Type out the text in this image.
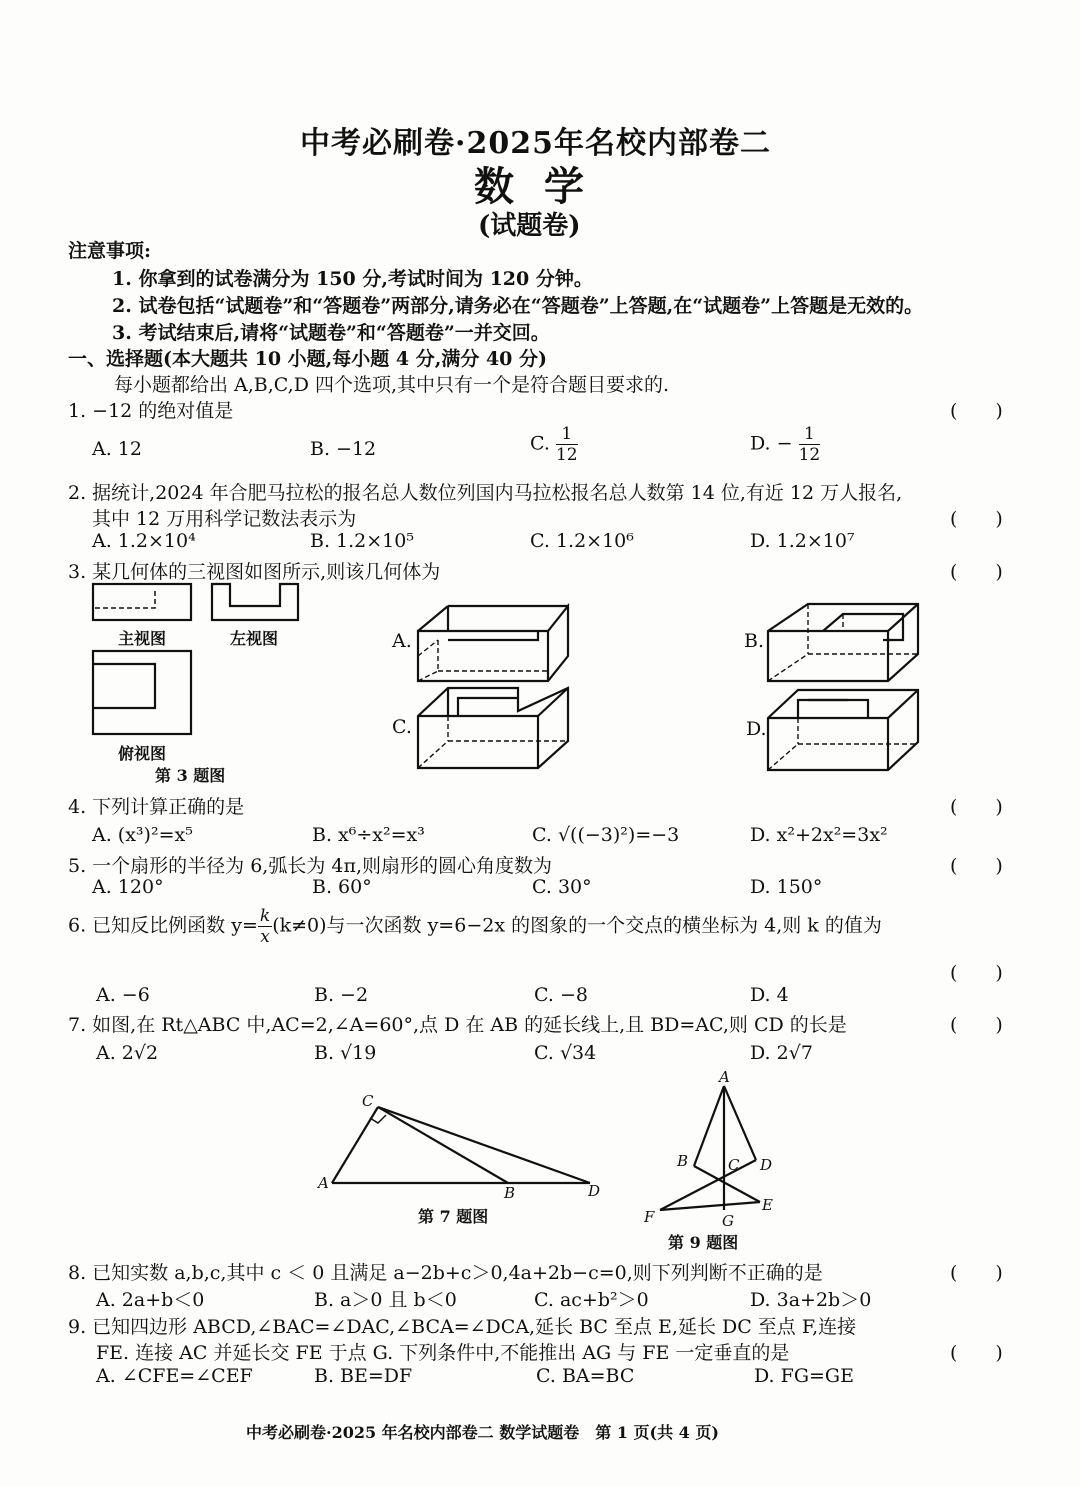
中考必刷卷·2025年名校内部卷二
数学
(试题卷)
注意事项:
1. 你拿到的试卷满分为 150 分,考试时间为 120 分钟。
2. 试卷包括“试题卷”和“答题卷”两部分,请务必在“答题卷”上答题,在“试题卷”上答题是无效的。
3. 考试结束后,请将“试题卷”和“答题卷”一并交回。
一、选择题(本大题共 10 小题,每小题 4 分,满分 40 分)
每小题都给出 A,B,C,D 四个选项,其中只有一个是符合题目要求的.
1. −12 的绝对值是	(　　)
A. 12	B. −12	C. $\frac{1}{12}$	D. − $\frac{1}{12}$
2. 据统计,2024 年合肥马拉松的报名总人数位列国内马拉松报名总人数第 14 位,有近 12 万人报名,
其中 12 万用科学记数法表示为	(　　)
A. 1.2×10⁴	B. 1.2×10⁵	C. 1.2×10⁶	D. 1.2×10⁷
3. 某几何体的三视图如图所示,则该几何体为	(　　)
主视图	左视图
俯视图
第 3 题图
A.	B.
C.	D.
4. 下列计算正确的是	(　　)
A. (x³)²=x⁵	B. x⁶÷x²=x³	C. √((−3)²)=−3	D. x²+2x²=3x²
5. 一个扇形的半径为 6,弧长为 4π,则扇形的圆心角度数为	(　　)
A. 120°	B. 60°	C. 30°	D. 150°
6. 已知反比例函数 $y= \frac{k}{x} (k\ne 0)$与一次函数 y=6−2x 的图象的一个交点的横坐标为 4,则 k 的值为
(　　)
A. −6	B. −2	C. −8	D. 4
7. 如图,在 Rt△ABC 中,AC=2,∠A=60°,点 D 在 AB 的延长线上,且 BD=AC,则 CD 的长是	(　　)
A. 2√2	B. √19	C. √34	D. 2√7
C
A
B	D
A
B	C D
E
F	G
第 7 题图
第 9 题图
8. 已知实数 a,b,c,其中 c ＜ 0 且满足 a−2b+c＞0,4a+2b−c=0,则下列判断不正确的是	(　　)
A. 2a+b＜0	B. a＞0 且 b＜0	C. ac+b²＞0	D. 3a+2b＞0
9. 已知四边形 ABCD,∠BAC=∠DAC,∠BCA=∠DCA,延长 BC 至点 E,延长 DC 至点 F,连接
FE. 连接 AC 并延长交 FE 于点 G. 下列条件中,不能推出 AG 与 FE 一定垂直的是	(　　)
A. ∠CFE=∠CEF	B. BE=DF	C. BA=BC	D. FG=GE
中考必刷卷·2025 年名校内部卷二 数学试题卷　第 1 页(共 4 页)
